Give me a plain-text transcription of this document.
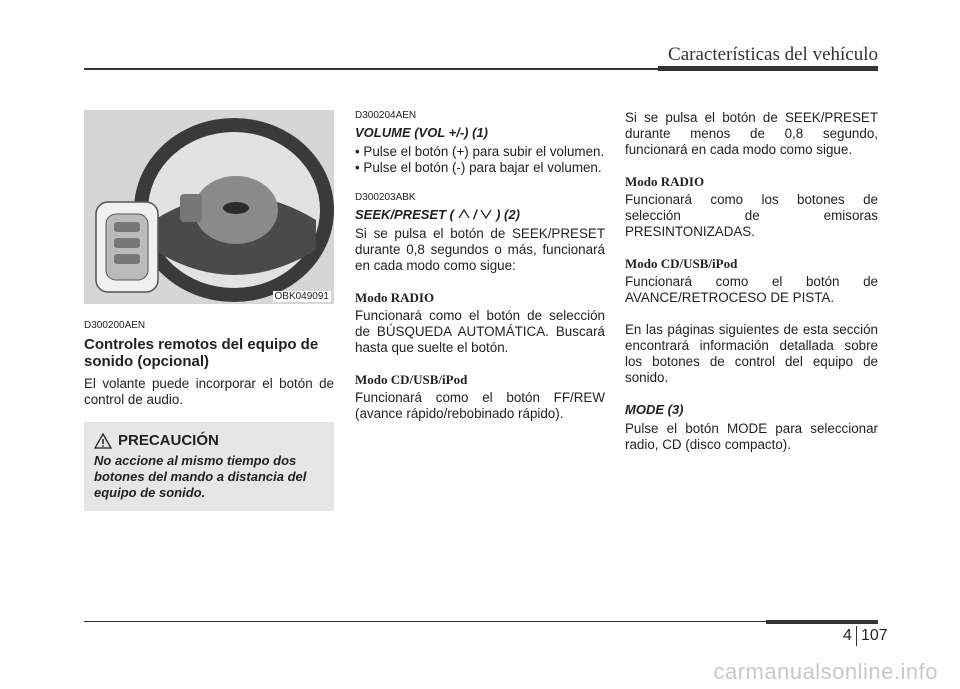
Características del vehículo
OBK049091

D300200AEN

Controles remotos del equipo de sonido (opcional)

El volante puede incorporar el botón de control de audio.

PRECAUCIÓN
No accione al mismo tiempo dos botones del mando a distancia del equipo de sonido.

D300204AEN

VOLUME (VOL +/-) (1)

• Pulse el botón (+) para subir el volumen.
• Pulse el botón (-) para bajar el volumen.

D300203ABK

SEEK/PRESET ( / ) (2)

Si se pulsa el botón de SEEK/PRESET durante 0,8 segundos o más, funcionará en cada modo como sigue:

Modo RADIO

Funcionará como el botón de selección de BÚSQUEDA AUTOMÁTICA. Buscará hasta que suelte el botón.

Modo CD/USB/iPod

Funcionará como el botón FF/REW (avance rápido/rebobinado rápido).

Si se pulsa el botón de SEEK/PRESET durante menos de 0,8 segundo, funcionará en cada modo como sigue.

Modo RADIO

Funcionará como los botones de selección de emisoras PRESINTONIZADAS.

Modo CD/USB/iPod

Funcionará como el botón de AVANCE/RETROCESO DE PISTA.

En las páginas siguientes de esta sección encontrará información detallada sobre los botones de control del equipo de sonido.

MODE (3)

Pulse el botón MODE para seleccionar radio, CD (disco compacto).

4 107
carmanualsonline.info
